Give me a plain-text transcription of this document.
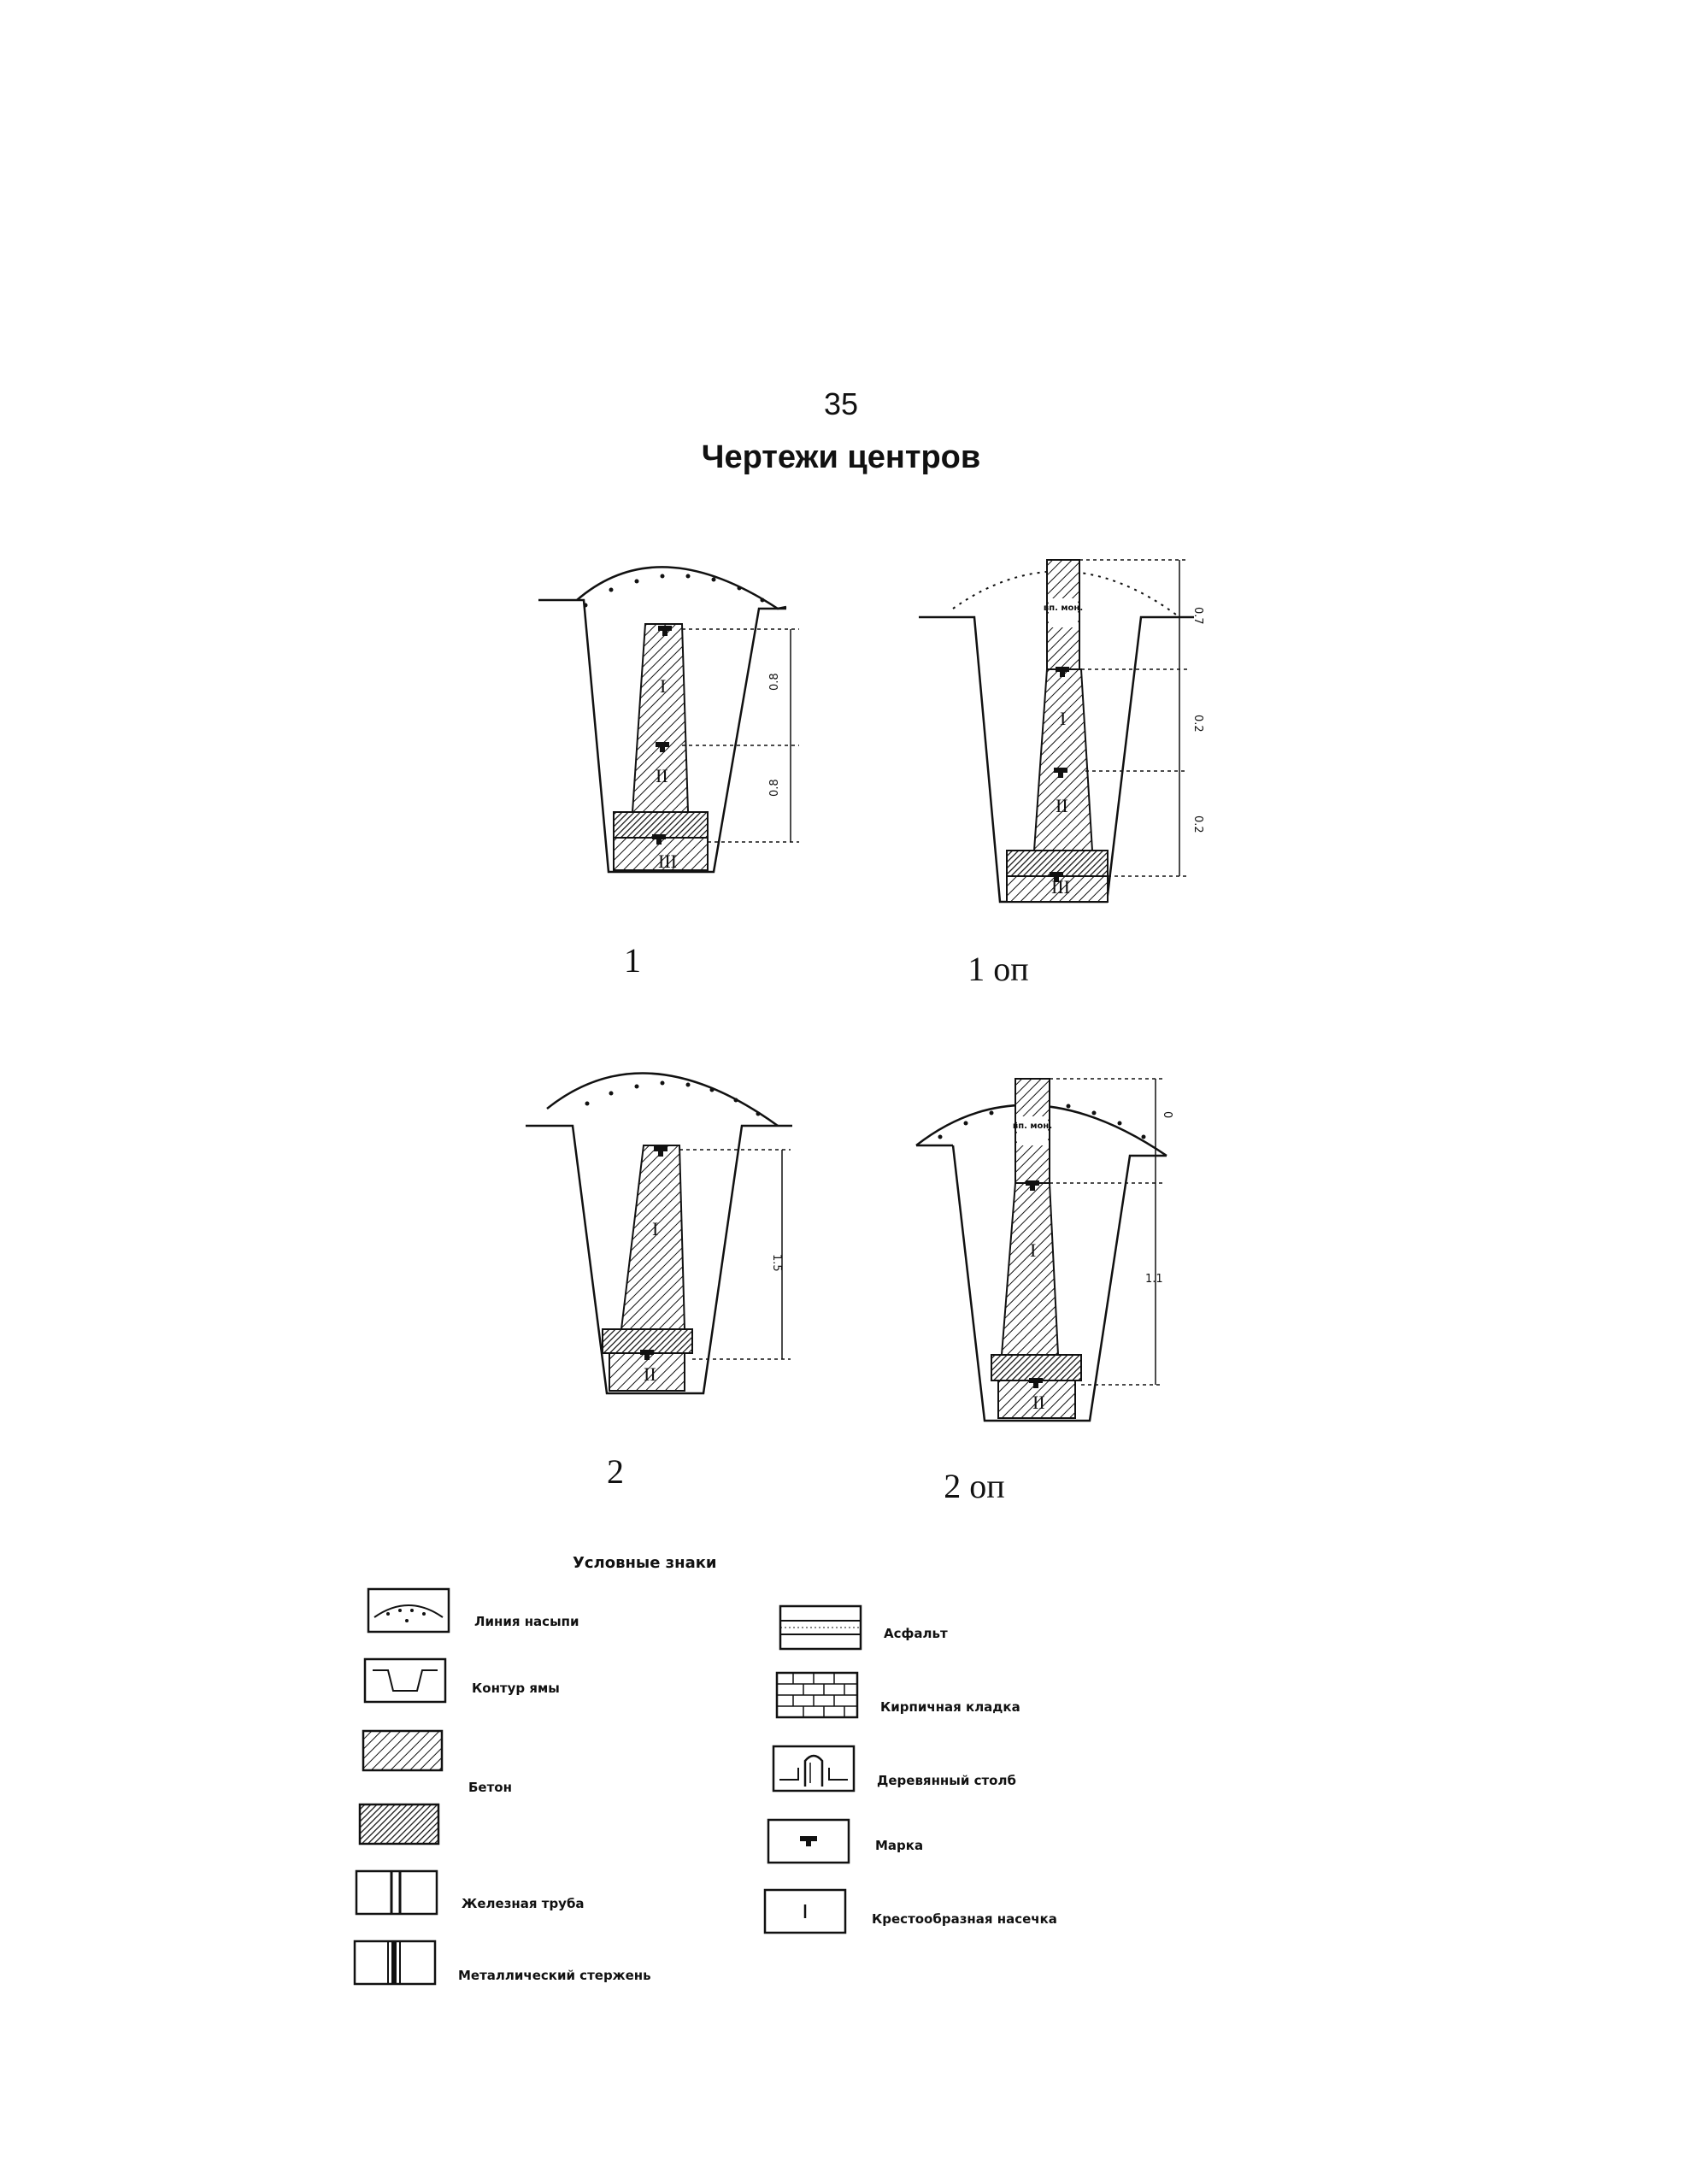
35
Чертежи центров
I
II
III
0.8
0.8
1
вп. мон.
I
II
III
0.7
0.2
0.2
1 оп
I
II
1.5
2
вп. мон.
I
II
0
1.1
2 оп
Условные знаки
Линия насыпи
Контур ямы
Бетон
Железная труба
Металлический стержень
Асфальт
Кирпичная кладка
Деревянный столб
Марка
Крестообразная насечка
